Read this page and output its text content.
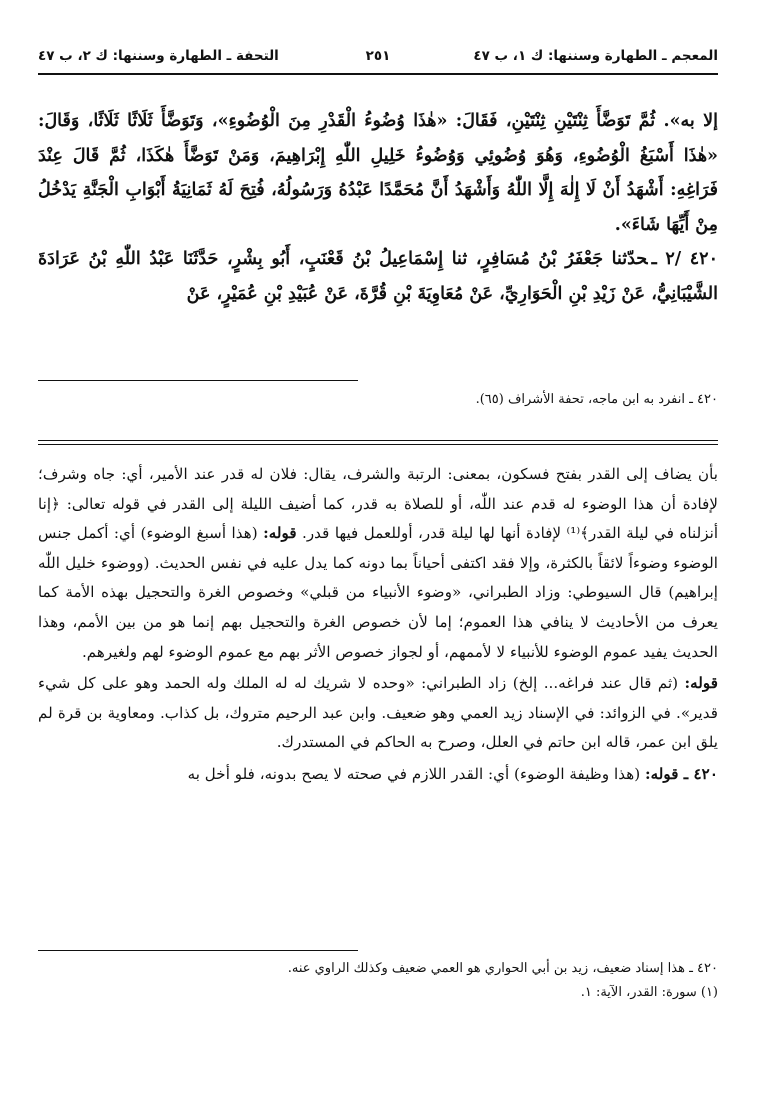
المعجم ـ الطهارة وسننها: ك ١، ب ٤٧
٢٥١
التحفة ـ الطهارة وسننها: ك ٢، ب ٤٧

إلا به». ثُمَّ تَوَضَّأَ ثِنْتَيْنِ ثِنْتَيْنِ، فَقَالَ: «هٰذَا وُضُوءُ الْقَدْرِ مِنَ الْوُضُوءِ»، وَتَوَضَّأَ ثَلَاثًا ثَلَاثًا، وَقَالَ: «هٰذَا أَسْبَغُ الْوُضُوءِ، وَهُوَ وُضُوئِي وَوُضُوءُ خَلِيلِ اللّٰهِ إِبْرَاهِيمَ، وَمَنْ تَوَضَّأَ هٰكَذَا، ثُمَّ قَالَ عِنْدَ فَرَاغِهِ: أَشْهَدُ أَنْ لَا إِلٰهَ إِلَّا اللّٰهُ وَأَشْهَدُ أَنَّ مُحَمَّدًا عَبْدُهُ وَرَسُولُهُ، فُتِحَ لَهُ ثَمَانِيَةُ أَبْوَابِ الْجَنَّةِ يَدْخُلُ مِنْ أَيِّهَا شَاءَ».

٤٢٠ /٢ ـحدّثنا جَعْفَرُ بْنُ مُسَافِرٍ، ثنا إِسْمَاعِيلُ بْنُ قَعْنَبٍ، أَبُو بِشْرٍ، حَدَّثَنَا عَبْدُ اللّٰهِ بْنُ عَرَادَةَ الشَّيْبَانِيُّ، عَنْ زَيْدِ بْنِ الْحَوَارِيِّ، عَنْ مُعَاوِيَةَ بْنِ قُرَّةَ، عَنْ عُبَيْدِ بْنِ عُمَيْرٍ، عَنْ

٤٢٠ ـ انفرد به ابن ماجه، تحفة الأشراف (٦٥).

بأن يضاف إلى القدر بفتح فسكون، بمعنى: الرتبة والشرف، يقال: فلان له قدر عند الأمير، أي: جاه وشرف؛ لإفادة أن هذا الوضوء له قدم عند اللّٰه، أو للصلاة به قدر، كما أضيف الليلة إلى القدر في قوله تعالى: ﴿إنا أنزلناه في ليلة القدر﴾⁽¹⁾ لإفادة أنها لها ليلة قدر، أوللعمل فيها قدر. قوله: (هذا أسبغ الوضوء) أي: أكمل جنس الوضوء وضوءاً لائقاً بالكثرة، وإلا فقد اكتفى أحياناً بما دونه كما يدل عليه في نفس الحديث. (ووضوء خليل اللّٰه إبراهيم) قال السيوطي: وزاد الطبراني، «وضوء الأنبياء من قبلي» وخصوص الغرة والتحجيل بهذه الأمة كما يعرف من الأحاديث لا ينافي هذا العموم؛ إما لأن خصوص الغرة والتحجيل بهم إنما هو من بين الأمم، وهذا الحديث يفيد عموم الوضوء للأنبياء لا لأممهم، أو لجواز خصوص الأثر بهم مع عموم الوضوء لهم ولغيرهم.

قوله: (ثم قال عند فراغه... إلخ) زاد الطبراني: «وحده لا شريك له له الملك وله الحمد وهو على كل شيء قدير». في الزوائد: في الإسناد زيد العمي وهو ضعيف. وابن عبد الرحيم متروك، بل كذاب. ومعاوية بن قرة لم يلق ابن عمر، قاله ابن حاتم في العلل، وصرح به الحاكم في المستدرك.

٤٢٠ ـ قوله: (هذا وظيفة الوضوء) أي: القدر اللازم في صحته لا يصح بدونه، فلو أخل به

٤٢٠ ـ هذا إسناد ضعيف، زيد بن أبي الحواري هو العمي ضعيف وكذلك الراوي عنه.

(١) سورة: القدر، الآية: ١.
